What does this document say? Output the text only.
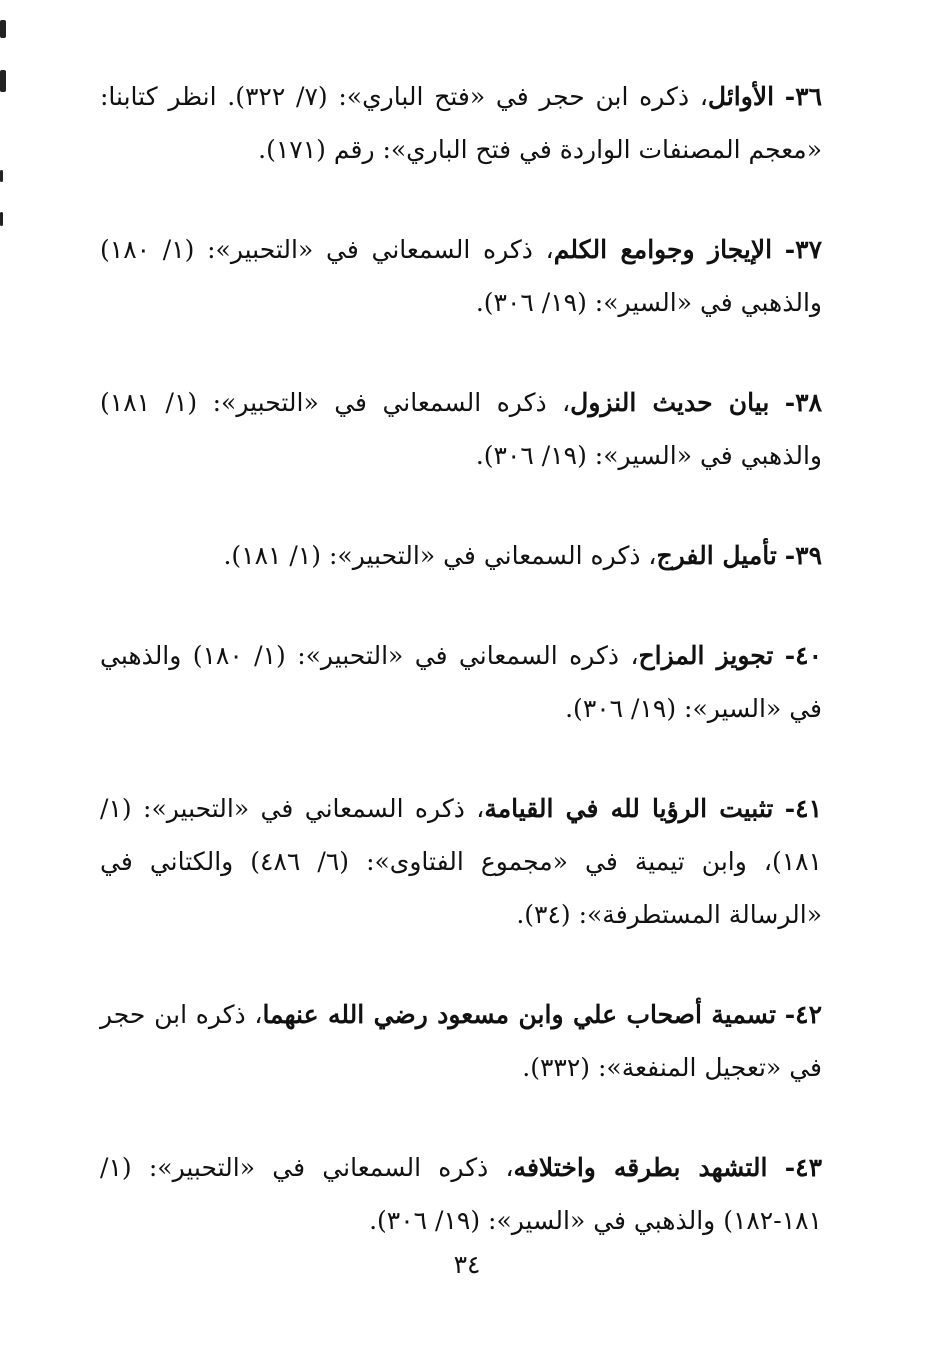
٣٦- الأوائل، ذكره ابن حجر في «فتح الباري»: (٧/ ٣٢٢). انظر كتابنا: «معجم المصنفات الواردة في فتح الباري»: رقم (١٧١).

٣٧- الإيجاز وجوامع الكلم، ذكره السمعاني في «التحبير»: (١/ ١٨٠) والذهبي في «السير»: (١٩/ ٣٠٦).

٣٨- بيان حديث النزول، ذكره السمعاني في «التحبير»: (١/ ١٨١) والذهبي في «السير»: (١٩/ ٣٠٦).

٣٩- تأميل الفرج، ذكره السمعاني في «التحبير»: (١/ ١٨١).

٤٠- تجويز المزاح، ذكره السمعاني في «التحبير»: (١/ ١٨٠) والذهبي في «السير»: (١٩/ ٣٠٦).

٤١- تثبيت الرؤيا لله في القيامة، ذكره السمعاني في «التحبير»: (١/ ١٨١)، وابن تيمية في «مجموع الفتاوى»: (٦/ ٤٨٦) والكتاني في «الرسالة المستطرفة»: (٣٤).

٤٢- تسمية أصحاب علي وابن مسعود رضي الله عنهما، ذكره ابن حجر في «تعجيل المنفعة»: (٣٣٢).

٤٣- التشهد بطرقه واختلافه، ذكره السمعاني في «التحبير»: (١/ ١٨١-١٨٢) والذهبي في «السير»: (١٩/ ٣٠٦).

٣٤
